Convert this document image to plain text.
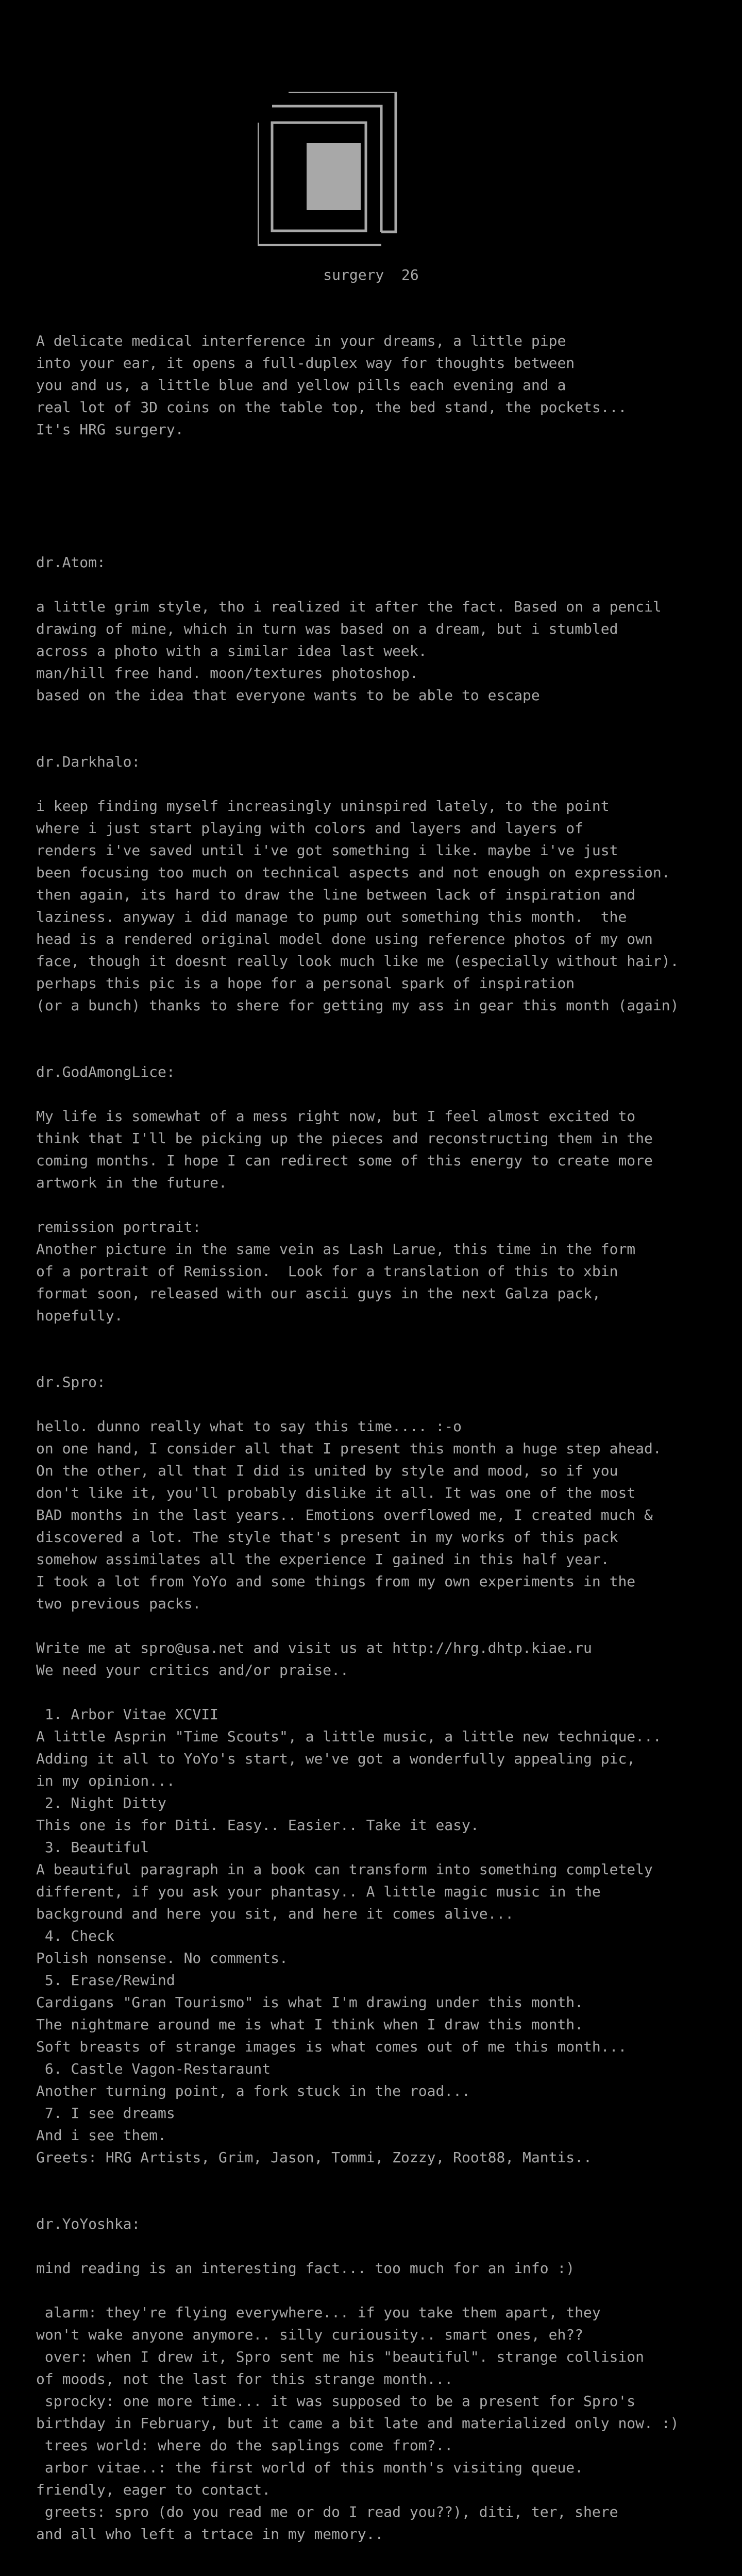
surgery  26
A delicate medical interference in your dreams, a little pipe
into your ear, it opens a full-duplex way for thoughts between
you and us, a little blue and yellow pills each evening and a
real lot of 3D coins on the table top, the bed stand, the pockets...
It's HRG surgery.
dr.Atom:
a little grim style, tho i realized it after the fact. Based on a pencil
drawing of mine, which in turn was based on a dream, but i stumbled
across a photo with a similar idea last week.
man/hill free hand. moon/textures photoshop.
based on the idea that everyone wants to be able to escape
dr.Darkhalo:
i keep finding myself increasingly uninspired lately, to the point
where i just start playing with colors and layers and layers of
renders i've saved until i've got something i like. maybe i've just
been focusing too much on technical aspects and not enough on expression.
then again, its hard to draw the line between lack of inspiration and
laziness. anyway i did manage to pump out something this month.  the
head is a rendered original model done using reference photos of my own
face, though it doesnt really look much like me (especially without hair).
perhaps this pic is a hope for a personal spark of inspiration
(or a bunch) thanks to shere for getting my ass in gear this month (again)
dr.GodAmongLice:
My life is somewhat of a mess right now, but I feel almost excited to
think that I'll be picking up the pieces and reconstructing them in the
coming months. I hope I can redirect some of this energy to create more
artwork in the future.
remission portrait:
Another picture in the same vein as Lash Larue, this time in the form
of a portrait of Remission.  Look for a translation of this to xbin
format soon, released with our ascii guys in the next Galza pack,
hopefully.
dr.Spro:
hello. dunno really what to say this time.... :-o
on one hand, I consider all that I present this month a huge step ahead.
On the other, all that I did is united by style and mood, so if you
don't like it, you'll probably dislike it all. It was one of the most
BAD months in the last years.. Emotions overflowed me, I created much &
discovered a lot. The style that's present in my works of this pack
somehow assimilates all the experience I gained in this half year.
I took a lot from YoYo and some things from my own experiments in the
two previous packs.
Write me at spro@usa.net and visit us at http://hrg.dhtp.kiae.ru
We need your critics and/or praise..
1. Arbor Vitae XCVII
A little Asprin "Time Scouts", a little music, a little new technique...
Adding it all to YoYo's start, we've got a wonderfully appealing pic,
in my opinion...
2. Night Ditty
This one is for Diti. Easy.. Easier.. Take it easy.
3. Beautiful
A beautiful paragraph in a book can transform into something completely
different, if you ask your phantasy.. A little magic music in the
background and here you sit, and here it comes alive...
4. Check
Polish nonsense. No comments.
5. Erase/Rewind
Cardigans "Gran Tourismo" is what I'm drawing under this month.
The nightmare around me is what I think when I draw this month.
Soft breasts of strange images is what comes out of me this month...
6. Castle Vagon-Restaraunt
Another turning point, a fork stuck in the road...
7. I see dreams
And i see them.
Greets: HRG Artists, Grim, Jason, Tommi, Zozzy, Root88, Mantis..
dr.YoYoshka:
mind reading is an interesting fact... too much for an info :)
alarm: they're flying everywhere... if you take them apart, they
won't wake anyone anymore.. silly curiousity.. smart ones, eh??
over: when I drew it, Spro sent me his "beautiful". strange collision
of moods, not the last for this strange month...
sprocky: one more time... it was supposed to be a present for Spro's
birthday in February, but it came a bit late and materialized only now. :)
trees world: where do the saplings come from?..
arbor vitae..: the first world of this month's visiting queue.
friendly, eager to contact.
greets: spro (do you read me or do I read you??), diti, ter, shere
and all who left a trtace in my memory..
